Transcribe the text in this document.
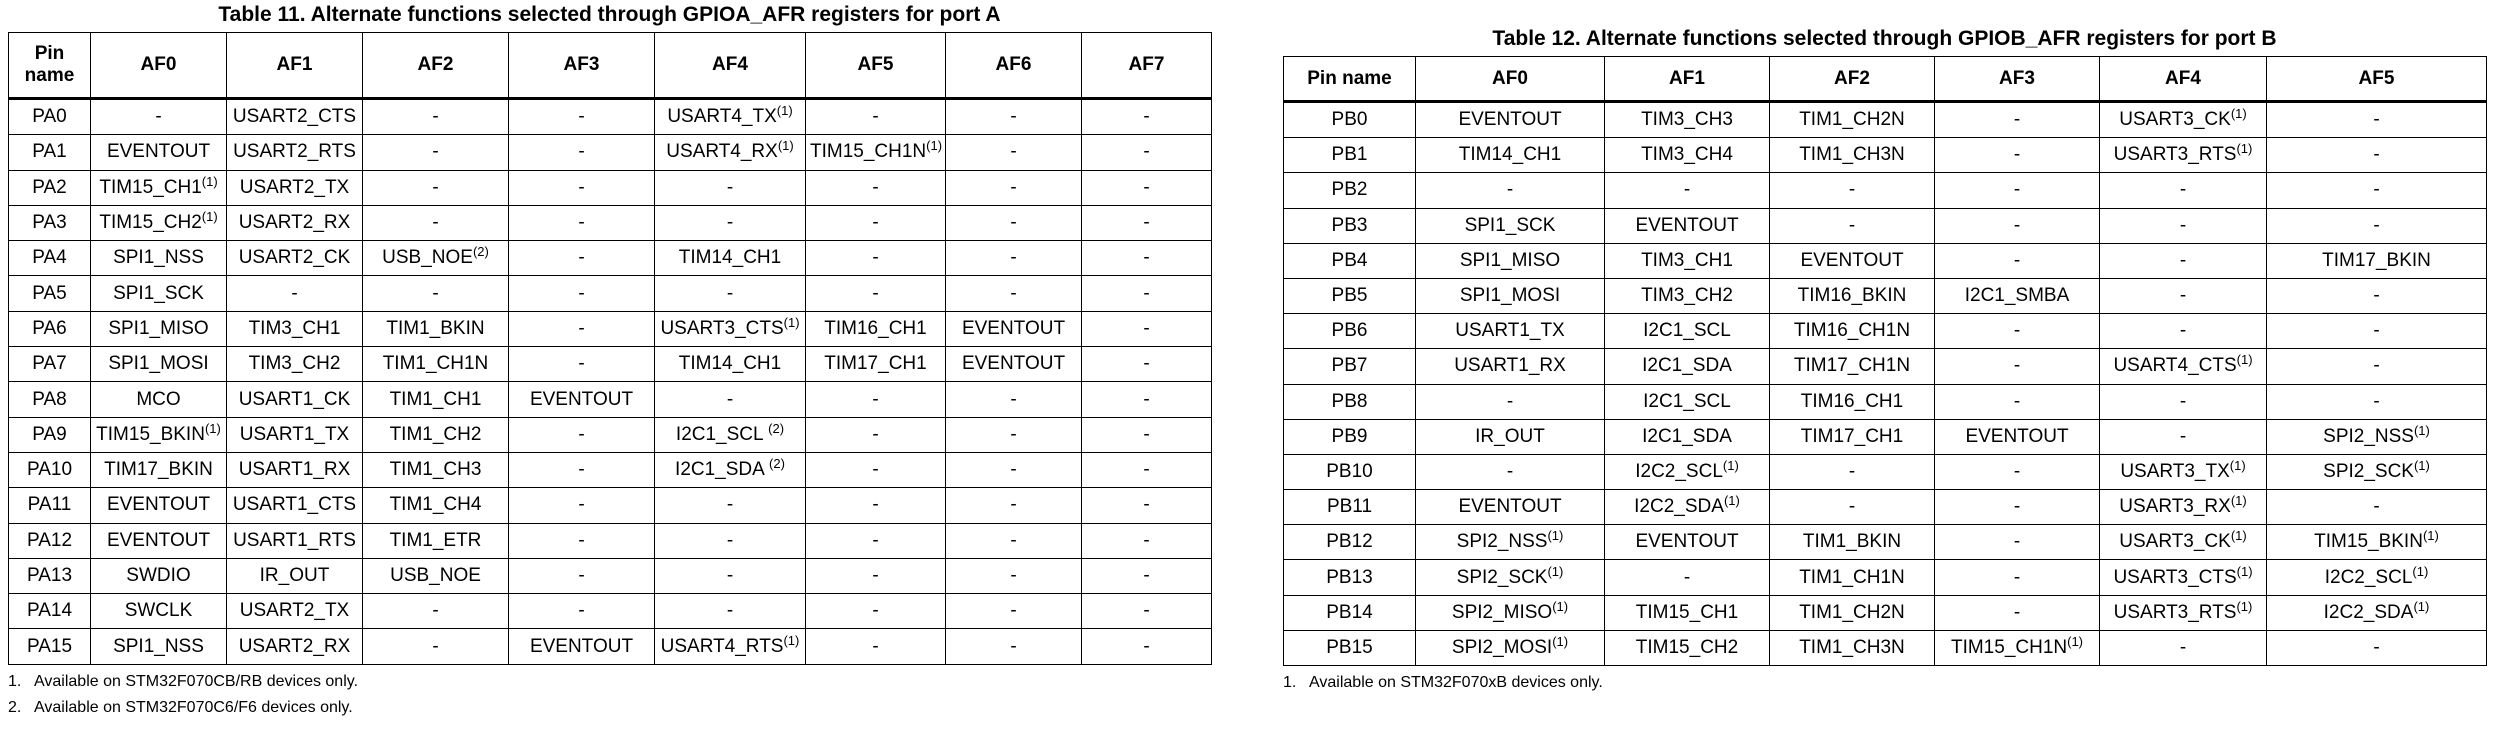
Table 11. Alternate functions selected through GPIOA_AFR registers for port A
Pin
name	AF0	AF1	AF2	AF3	AF4	AF5	AF6	AF7
PA0	-	USART2_CTS	-	-	USART4_TX$^{(1)}$	-	-	-
PA1	EVENTOUT	USART2_RTS	-	-	USART4_RX$^{(1)}$	$TIM15\_CH1N^{(1)}$	-	-
PA2	TIM15_CH1$^{(1)}$	USART2_TX	-	-	-	-	-	-
PA3	TIM15_CH2$^{(1)}$	USART2_RX	-	-	-	-	-	-
PA4	SPI1_NSS	USART2_CK	USB_NOE$^{(2)}$	-	TIM14_CH1	-	-	-
PA5	SPI1_SCK	-	-	-	-	-	-	-
PA6	SPI1_MISO	TIM3_CH1	TIM1_BKIN	-	USART3_CTS$^{(1)}$	TIM16_CH1	EVENTOUT	-
PA7	SPI1_MOSI	TIM3_CH2	TIM1_CH1N	-	TIM14_CH1	TIM17_CH1	EVENTOUT	-
PA8	MCO	USART1_CK	TIM1_CH1	EVENTOUT	-	-	-	-
PA9	TIM15_BKIN$^{(1)}$	USART1_TX	TIM1_CH2	-	I2C1_SCL $^{(2)}$	-	-	-
PA10	TIM17_BKIN	USART1_RX	TIM1_CH3	-	I2C1_SDA $^{(2)}$	-	-	-
PA11	EVENTOUT	USART1_CTS	TIM1_CH4	-	-	-	-	-
PA12	EVENTOUT	USART1_RTS	TIM1_ETR	-	-	-	-	-
PA13	SWDIO	IR_OUT	USB_NOE	-	-	-	-	-
PA14	SWCLK	USART2_TX	-	-	-	-	-	-
PA15	SPI1_NSS	USART2_RX	-	EVENTOUT	USART4_RTS$^{(1)}$	-	-	-
1. Available on STM32F070CB/RB devices only.
2. Available on STM32F070C6/F6 devices only.
Table 12. Alternate functions selected through GPIOB_AFR registers for port B
Pin name	AF0	AF1	AF2	AF3	AF4	AF5
PB0	EVENTOUT	TIM3_CH3	TIM1_CH2N	-	USART3_CK$^{(1)}$	-
PB1	TIM14_CH1	TIM3_CH4	TIM1_CH3N	-	USART3_RTS$^{(1)}$	-
PB2	-	-	-	-	-	-
PB3	SPI1_SCK	EVENTOUT	-	-	-	-
PB4	SPI1_MISO	TIM3_CH1	EVENTOUT	-	-	TIM17_BKIN
PB5	SPI1_MOSI	TIM3_CH2	TIM16_BKIN	I2C1_SMBA	-	-
PB6	USART1_TX	I2C1_SCL	TIM16_CH1N	-	-	-
PB7	USART1_RX	I2C1_SDA	TIM17_CH1N	-	USART4_CTS$^{(1)}$	-
PB8	-	I2C1_SCL	TIM16_CH1	-	-	-
PB9	IR_OUT	I2C1_SDA	TIM17_CH1	EVENTOUT	-	SPI2_NSS$^{(1)}$
PB10	-	I2C2_SCL$^{(1)}$	-	-	USART3_TX$^{(1)}$	SPI2_SCK$^{(1)}$
PB11	EVENTOUT	I2C2_SDA$^{(1)}$	-	-	USART3_RX$^{(1)}$	-
PB12	SPI2_NSS$^{(1)}$	EVENTOUT	TIM1_BKIN	-	USART3_CK$^{(1)}$	TIM15_BKIN$^{(1)}$
PB13	SPI2_SCK$^{(1)}$	-	TIM1_CH1N	-	USART3_CTS$^{(1)}$	I2C2_SCL$^{(1)}$
PB14	SPI2_MISO$^{(1)}$	TIM15_CH1	TIM1_CH2N	-	USART3_RTS$^{(1)}$	I2C2_SDA$^{(1)}$
PB15	SPI2_MOSI$^{(1)}$	TIM15_CH2	TIM1_CH3N	$TIM15\_CH1N^{(1)}$	-	-
1. Available on STM32F070xB devices only.
